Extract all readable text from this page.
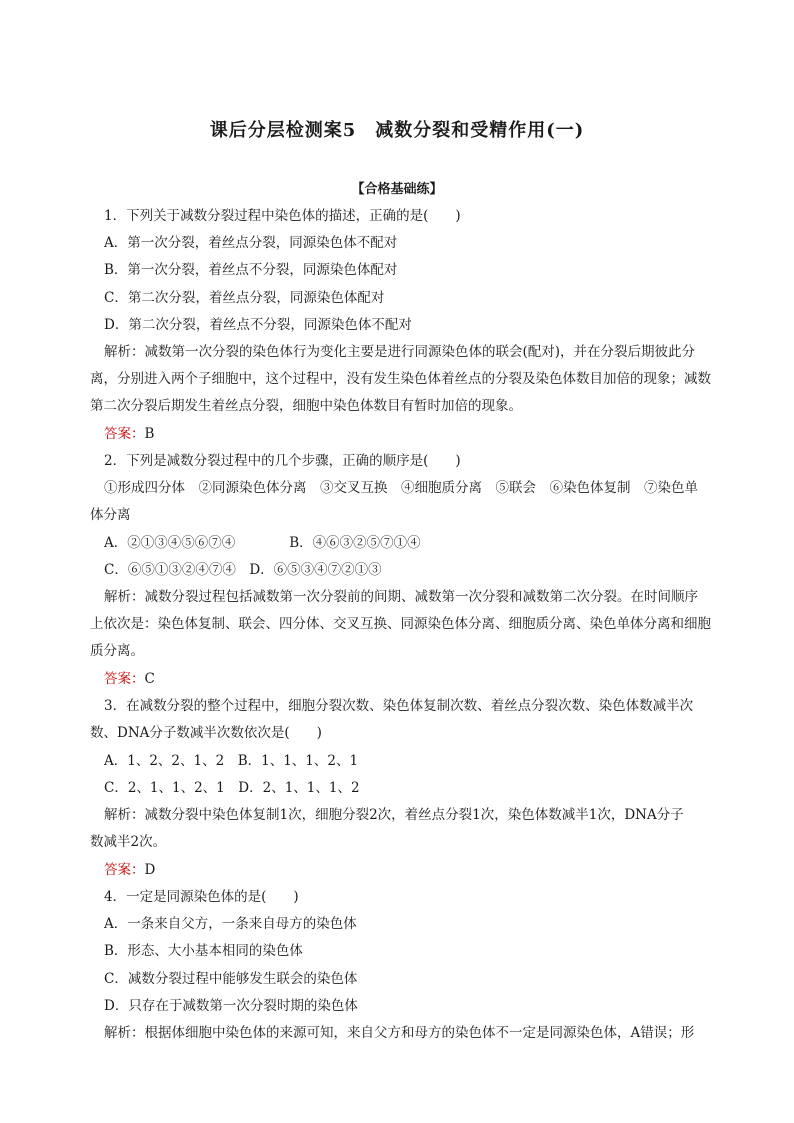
课后分层检测案5　减数分裂和受精作用(一)
【合格基础练】
1．下列关于减数分裂过程中染色体的描述，正确的是(　　)
A．第一次分裂，着丝点分裂，同源染色体不配对
B．第一次分裂，着丝点不分裂，同源染色体配对
C．第二次分裂，着丝点分裂，同源染色体配对
D．第二次分裂，着丝点不分裂，同源染色体不配对
解析：减数第一次分裂的染色体行为变化主要是进行同源染色体的联会(配对)，并在分裂后期彼此分
离，分别进入两个子细胞中，这个过程中，没有发生染色体着丝点的分裂及染色体数目加倍的现象；减数
第二次分裂后期发生着丝点分裂，细胞中染色体数目有暂时加倍的现象。
答案：B
2．下列是减数分裂过程中的几个步骤，正确的顺序是(　　)
①形成四分体　②同源染色体分离　③交叉互换　④细胞质分离　⑤联会　⑥染色体复制　⑦染色单
体分离
A．②①③④⑤⑥⑦④　　　　B．④⑥③②⑤⑦①④
C．⑥⑤①③②④⑦④　D．⑥⑤③④⑦②①③
解析：减数分裂过程包括减数第一次分裂前的间期、减数第一次分裂和减数第二次分裂。在时间顺序
上依次是：染色体复制、联会、四分体、交叉互换、同源染色体分离、细胞质分离、染色单体分离和细胞
质分离。
答案：C
3．在减数分裂的整个过程中，细胞分裂次数、染色体复制次数、着丝点分裂次数、染色体数减半次
数、DNA分子数减半次数依次是(　　)
A．1、2、2、1、2　B．1、1、1、2、1
C．2、1、1、2、1　D．2、1、1、1、2
解析：减数分裂中染色体复制1次，细胞分裂2次，着丝点分裂1次，染色体数减半1次，DNA分子
数减半2次。
答案：D
4．一定是同源染色体的是(　　)
A．一条来自父方，一条来自母方的染色体
B．形态、大小基本相同的染色体
C．减数分裂过程中能够发生联会的染色体
D．只存在于减数第一次分裂时期的染色体
解析：根据体细胞中染色体的来源可知，来自父方和母方的染色体不一定是同源染色体，A错误；形
